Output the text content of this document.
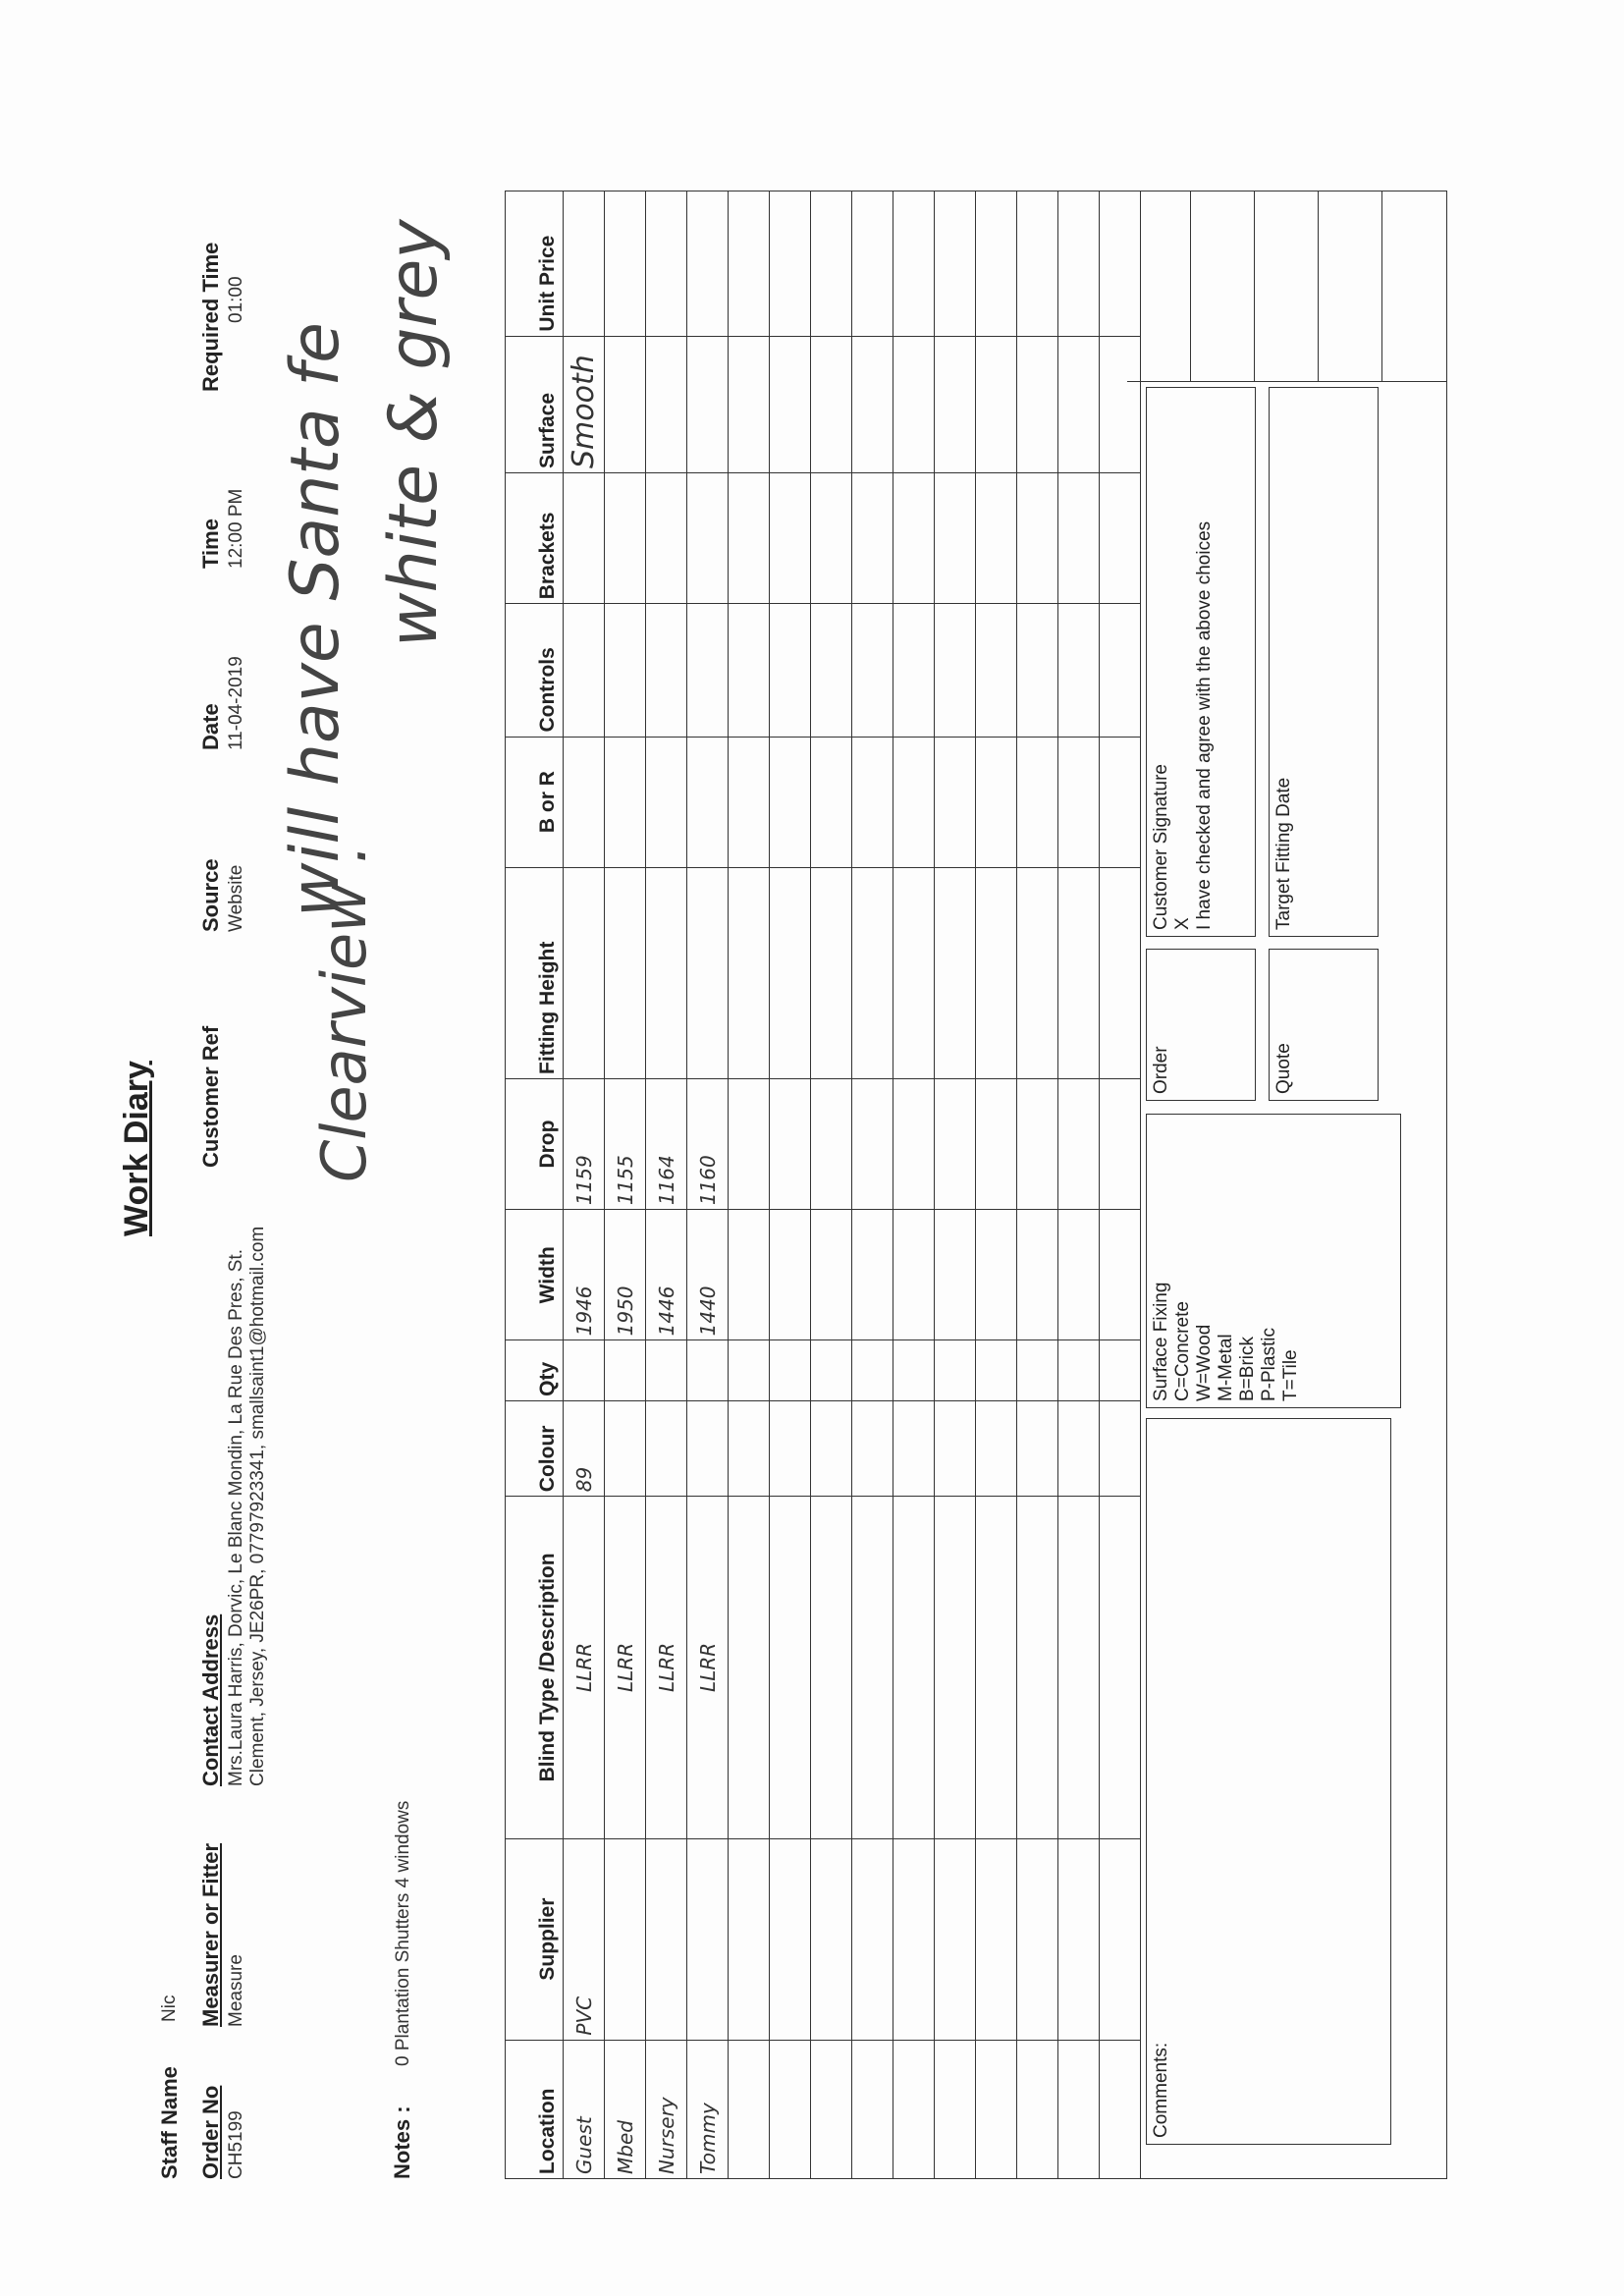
Staff Name
Nic
Order No CH5199
Measurer or Fitter Measure
Contact Address Mrs.Laura Harris, Dorvic, Le Blanc Mondin, La Rue Des Pres, St. Clement, Jersey, JE26PR, 07797923341, smallsaint1@hotmail.com
Work Diary Customer Ref
Source Website
Date 11-04-2019
Time 12:00 PM
Required Time 01:00
Notes :
0 Plantation Shutters 4 windows
Location	Supplier	Blind Type /Description	Colour	Qty	Width	Drop	Fitting Height	B or R	Controls	Brackets	Surface	Unit Price
Guest	PVC	LLRR	89		1946	1159					Smooth	
Mbed		LLRR			1950	1155						
Nursery		LLRR			1446	1164						
Tommy		LLRR			1440	1160						

Comments:
Surface Fixing C=Concrete W=Wood M-Metal B=Brick P-Plastic T=Tile
Order	Quote
Customer Signature X I have checked and agree with the above choices	Target Fitting Date
Clearview .
will have Santa fe white & grey
